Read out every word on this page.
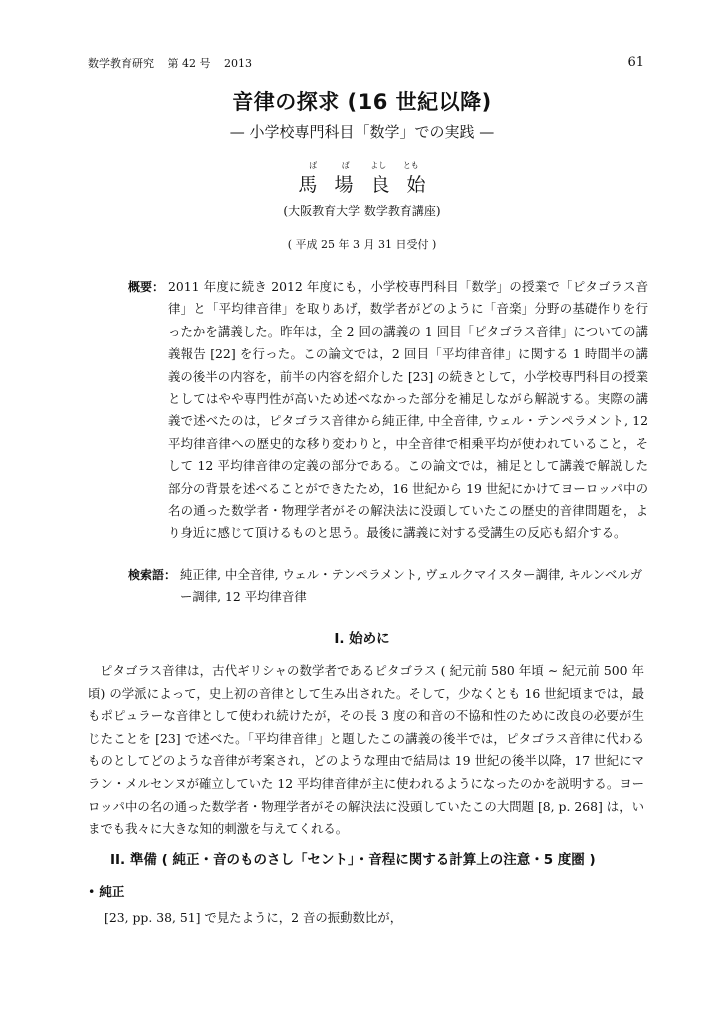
数学教育研究 第 42 号 2013	61
音律の探求 (16 世紀以降)
— 小学校専門科目「数学」での実践 —
ば	ば	よし とも
馬 場 良 始
(大阪教育大学 数学教育講座)
( 平成 25 年 3 月 31 日受付 )
概要： 2011 年度に続き 2012 年度にも，小学校専門科目「数学」の授業で「ピタゴラス音律」と「平均律音律」を取りあげ，数学者がどのように「音楽」分野の基礎作りを行ったかを講義した。昨年は，全 2 回の講義の 1 回目「ピタゴラス音律」についての講義報告 [22] を行った。この論文では，2 回目「平均律音律」に関する 1 時間半の講義の後半の内容を，前半の内容を紹介した [23] の続きとして，小学校専門科目の授業としてはやや専門性が高いため述べなかった部分を補足しながら解説する。実際の講義で述べたのは，ピタゴラス音律から純正律, 中全音律, ウェル・テンペラメント, 12 平均律音律への歴史的な移り変わりと，中全音律で相乗平均が使われていること，そして 12 平均律音律の定義の部分である。この論文では，補足として講義で解説した部分の背景を述べることができたため，16 世紀から 19 世紀にかけてヨーロッパ中の名の通った数学者・物理学者がその解決法に没頭していたこの歴史的音律問題を，より身近に感じて頂けるものと思う。最後に講義に対する受講生の反応も紹介する。
検索語： 純正律, 中全音律, ウェル・テンペラメント, ヴェルクマイスター調律, キルンベルガー調律, 12 平均律音律
I. 始めに
ピタゴラス音律は，古代ギリシャの数学者であるピタゴラス ( 紀元前 580 年頃 ∼ 紀元前 500 年頃) の学派によって，史上初の音律として生み出された。そして，少なくとも 16 世紀頃までは，最もポピュラーな音律として使われ続けたが，その長 3 度の和音の不協和性のために改良の必要が生じたことを [23] で述べた。「平均律音律」と題したこの講義の後半では，ピタゴラス音律に代わるものとしてどのような音律が考案され，どのような理由で結局は 19 世紀の後半以降，17 世紀にマラン・メルセンヌが確立していた 12 平均律音律が主に使われるようになったのかを説明する。ヨーロッパ中の名の通った数学者・物理学者がその解決法に没頭していたこの大問題 [8, p. 268] は，いまでも我々に大きな知的刺激を与えてくれる。
II. 準備 ( 純正・音のものさし「セント」・音程に関する計算上の注意・5 度圏 )
• 純正
[23, pp. 38, 51] で見たように，2 音の振動数比が，
